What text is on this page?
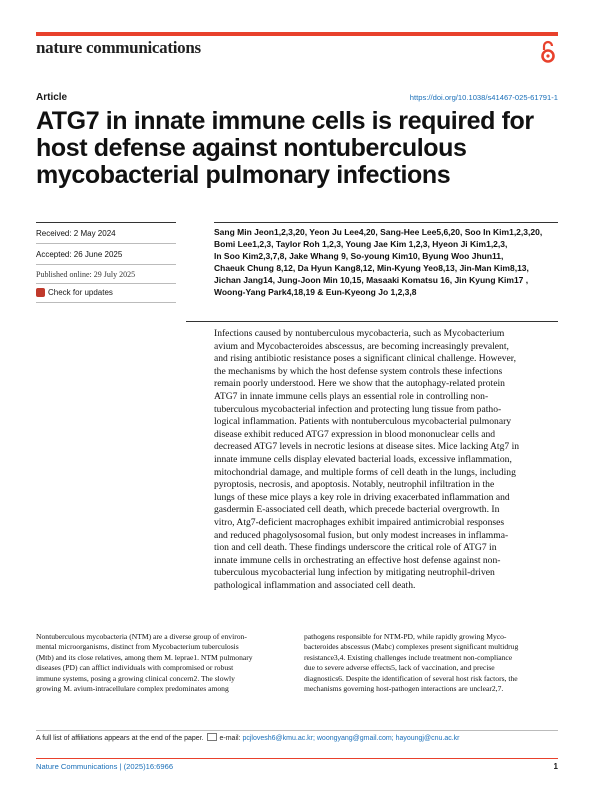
nature communications
Article	https://doi.org/10.1038/s41467-025-61791-1
ATG7 in innate immune cells is required for
host defense against nontuberculous
mycobacterial pulmonary infections
Received: 2 May 2024
Accepted: 26 June 2025
Published online: 29 July 2025
Check for updates
Sang Min Jeon1,2,3,20, Yeon Ju Lee4,20, Sang-Hee Lee5,6,20, Soo In Kim1,2,3,20,
Bomi Lee1,2,3, Taylor Roh 1,2,3, Young Jae Kim 1,2,3, Hyeon Ji Kim1,2,3,
In Soo Kim2,3,7,8, Jake Whang 9, So-young Kim10, Byung Woo Jhun11,
Chaeuk Chung 8,12, Da Hyun Kang8,12, Min-Kyung Yeo8,13, Jin-Man Kim8,13,
Jichan Jang14, Jung-Joon Min 10,15, Masaaki Komatsu 16, Jin Kyung Kim17 ,
Woong-Yang Park4,18,19 & Eun-Kyeong Jo 1,2,3,8
Infections caused by nontuberculous mycobacteria, such as Mycobacterium
avium and Mycobacteroides abscessus, are becoming increasingly prevalent,
and rising antibiotic resistance poses a significant clinical challenge. However,
the mechanisms by which the host defense system controls these infections
remain poorly understood. Here we show that the autophagy-related protein
ATG7 in innate immune cells plays an essential role in controlling non-
tuberculous mycobacterial infection and protecting lung tissue from patho-
logical inflammation. Patients with nontuberculous mycobacterial pulmonary
disease exhibit reduced ATG7 expression in blood mononuclear cells and
decreased ATG7 levels in necrotic lesions at disease sites. Mice lacking Atg7 in
innate immune cells display elevated bacterial loads, excessive inflammation,
mitochondrial damage, and multiple forms of cell death in the lungs, including
pyroptosis, necrosis, and apoptosis. Notably, neutrophil infiltration in the
lungs of these mice plays a key role in driving exacerbated inflammation and
gasdermin E-associated cell death, which precede bacterial overgrowth. In
vitro, Atg7-deficient macrophages exhibit impaired antimicrobial responses
and reduced phagolysosomal fusion, but only modest increases in inflamma-
tion and cell death. These findings underscore the critical role of ATG7 in
innate immune cells in orchestrating an effective host defense against non-
tuberculous mycobacterial lung infection by mitigating neutrophil-driven
pathological inflammation and associated cell death.
Nontuberculous mycobacteria (NTM) are a diverse group of environ-
mental microorganisms, distinct from Mycobacterium tuberculosis
(Mtb) and its close relatives, among them M. leprae1. NTM pulmonary
diseases (PD) can afflict individuals with compromised or robust
immune systems, posing a growing clinical concern2. The slowly
growing M. avium-intracellulare complex predominates among
pathogens responsible for NTM-PD, while rapidly growing Myco-
bacteroides abscessus (Mabc) complexes present significant multidrug
resistance3,4. Existing challenges include treatment non-compliance
due to severe adverse effects5, lack of vaccination, and precise
diagnostics6. Despite the identification of several host risk factors, the
mechanisms governing host-pathogen interactions are unclear2,7.
A full list of affiliations appears at the end of the paper. e-mail: pcjlovesh6@kmu.ac.kr; woongyang@gmail.com; hayoungj@cnu.ac.kr
Nature Communications | (2025)16:6966	1
